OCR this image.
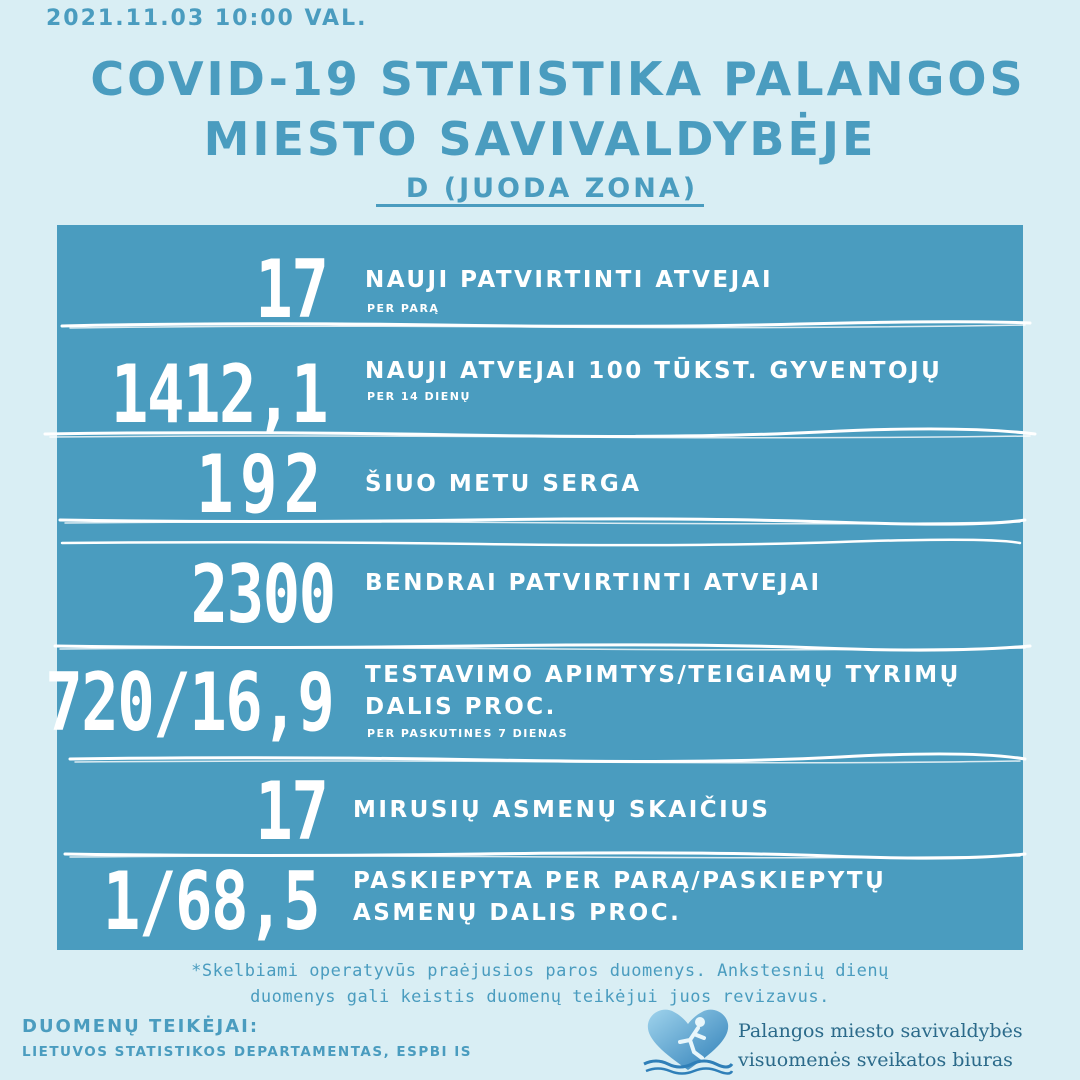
2021.11.03 10:00 VAL.
COVID-19 STATISTIKA PALANGOS
MIESTO SAVIVALDYBĖJE
D (JUODA ZONA)
17 NAUJI PATVIRTINTI ATVEJAI
PER PARĄ
1412,1 NAUJI ATVEJAI 100 TŪKST. GYVENTOJŲ
PER 14 DIENŲ
192 ŠIUO METU SERGA
2300 BENDRAI PATVIRTINTI ATVEJAI
720/16,9 TESTAVIMO APIMTYS/TEIGIAMŲ TYRIMŲ
DALIS PROC.
PER PASKUTINES 7 DIENAS
17 MIRUSIŲ ASMENŲ SKAIČIUS
1/68,5 PASKIEPYTA PER PARĄ/PASKIEPYTŲ
ASMENŲ DALIS PROC.
*Skelbiami operatyvūs praėjusios paros duomenys. Ankstesnių dienų
duomenys gali keistis duomenų teikėjui juos revizavus.
DUOMENŲ TEIKĖJAI:
LIETUVOS STATISTIKOS DEPARTAMENTAS, ESPBI IS
Palangos miesto savivaldybės
visuomenės sveikatos biuras
